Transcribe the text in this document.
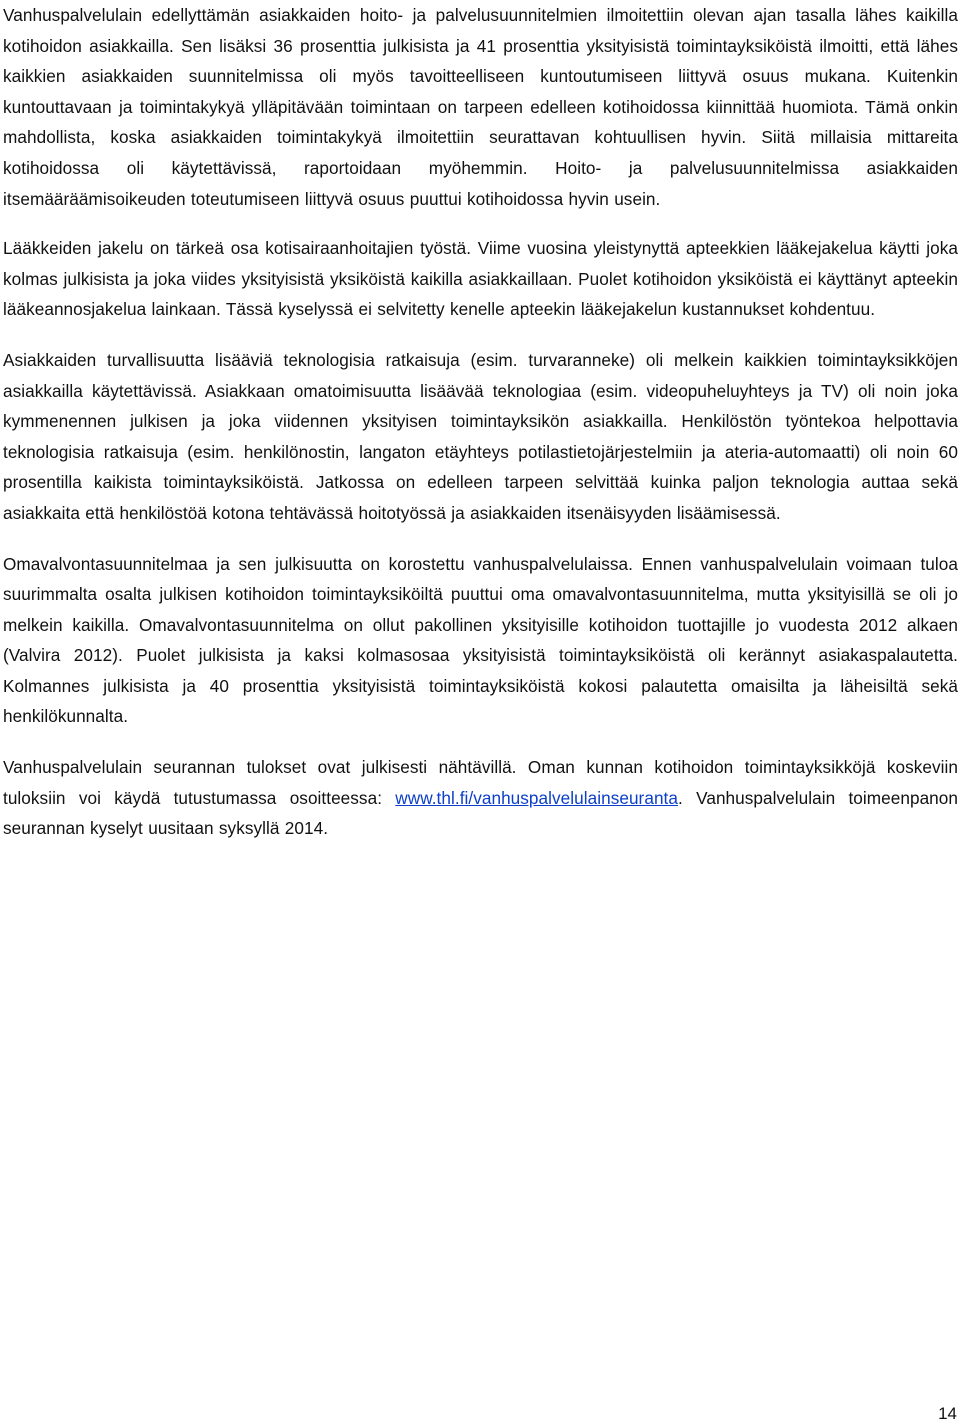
Vanhuspalvelulain edellyttämän asiakkaiden hoito- ja palvelusuunnitelmien ilmoitettiin olevan ajan tasalla lähes kaikilla kotihoidon asiakkailla. Sen lisäksi 36 prosenttia julkisista ja 41 prosenttia yksityisistä toimintayksiköistä ilmoitti, että lähes kaikkien asiakkaiden suunnitelmissa oli myös tavoitteelliseen kuntoutumiseen liittyvä osuus mukana. Kuitenkin kuntouttavaan ja toimintakykyä ylläpitävään toimintaan on tarpeen edelleen kotihoidossa kiinnittää huomiota. Tämä onkin mahdollista, koska asiakkaiden toimintakykyä ilmoitettiin seurattavan kohtuullisen hyvin. Siitä millaisia mittareita kotihoidossa oli käytettävissä, raportoidaan myöhemmin. Hoito- ja palvelusuunnitelmissa asiakkaiden itsemääräämisoikeuden toteutumiseen liittyvä osuus puuttui kotihoidossa hyvin usein.

Lääkkeiden jakelu on tärkeä osa kotisairaanhoitajien työstä. Viime vuosina yleistynyttä apteekkien lääkejakelua käytti joka kolmas julkisista ja joka viides yksityisistä yksiköistä kaikilla asiakkaillaan. Puolet kotihoidon yksiköistä ei käyttänyt apteekin lääkeannosjakelua lainkaan. Tässä kyselyssä ei selvitetty kenelle apteekin lääkejakelun kustannukset kohdentuu.

Asiakkaiden turvallisuutta lisääviä teknologisia ratkaisuja (esim. turvaranneke) oli melkein kaikkien toimintayksikköjen asiakkailla käytettävissä. Asiakkaan omatoimisuutta lisäävää teknologiaa (esim. videopuheluyhteys ja TV) oli noin joka kymmenennen julkisen ja joka viidennen yksityisen toimintayksikön asiakkailla. Henkilöstön työntekoa helpottavia teknologisia ratkaisuja (esim. henkilönostin, langaton etäyhteys potilastietojärjestelmiin ja ateria-automaatti) oli noin 60 prosentilla kaikista toimintayksiköistä. Jatkossa on edelleen tarpeen selvittää kuinka paljon teknologia auttaa sekä asiakkaita että henkilöstöä kotona tehtävässä hoitotyössä ja asiakkaiden itsenäisyyden lisäämisessä.

Omavalvontasuunnitelmaa ja sen julkisuutta on korostettu vanhuspalvelulaissa. Ennen vanhuspalvelulain voimaan tuloa suurimmalta osalta julkisen kotihoidon toimintayksiköiltä puuttui oma omavalvontasuunnitelma, mutta yksityisillä se oli jo melkein kaikilla. Omavalvontasuunnitelma on ollut pakollinen yksityisille kotihoidon tuottajille jo vuodesta 2012 alkaen (Valvira 2012). Puolet julkisista ja kaksi kolmasosaa yksityisistä toimintayksiköistä oli kerännyt asiakaspalautetta. Kolmannes julkisista ja 40 prosenttia yksityisistä toimintayksiköistä kokosi palautetta omaisilta ja läheisiltä sekä henkilökunnalta.

Vanhuspalvelulain seurannan tulokset ovat julkisesti nähtävillä. Oman kunnan kotihoidon toimintayksikköjä koskeviin tuloksiin voi käydä tutustumassa osoitteessa: www.thl.fi/vanhuspalvelulainseuranta. Vanhuspalvelulain toimeenpanon seurannan kyselyt uusitaan syksyllä 2014.

14
